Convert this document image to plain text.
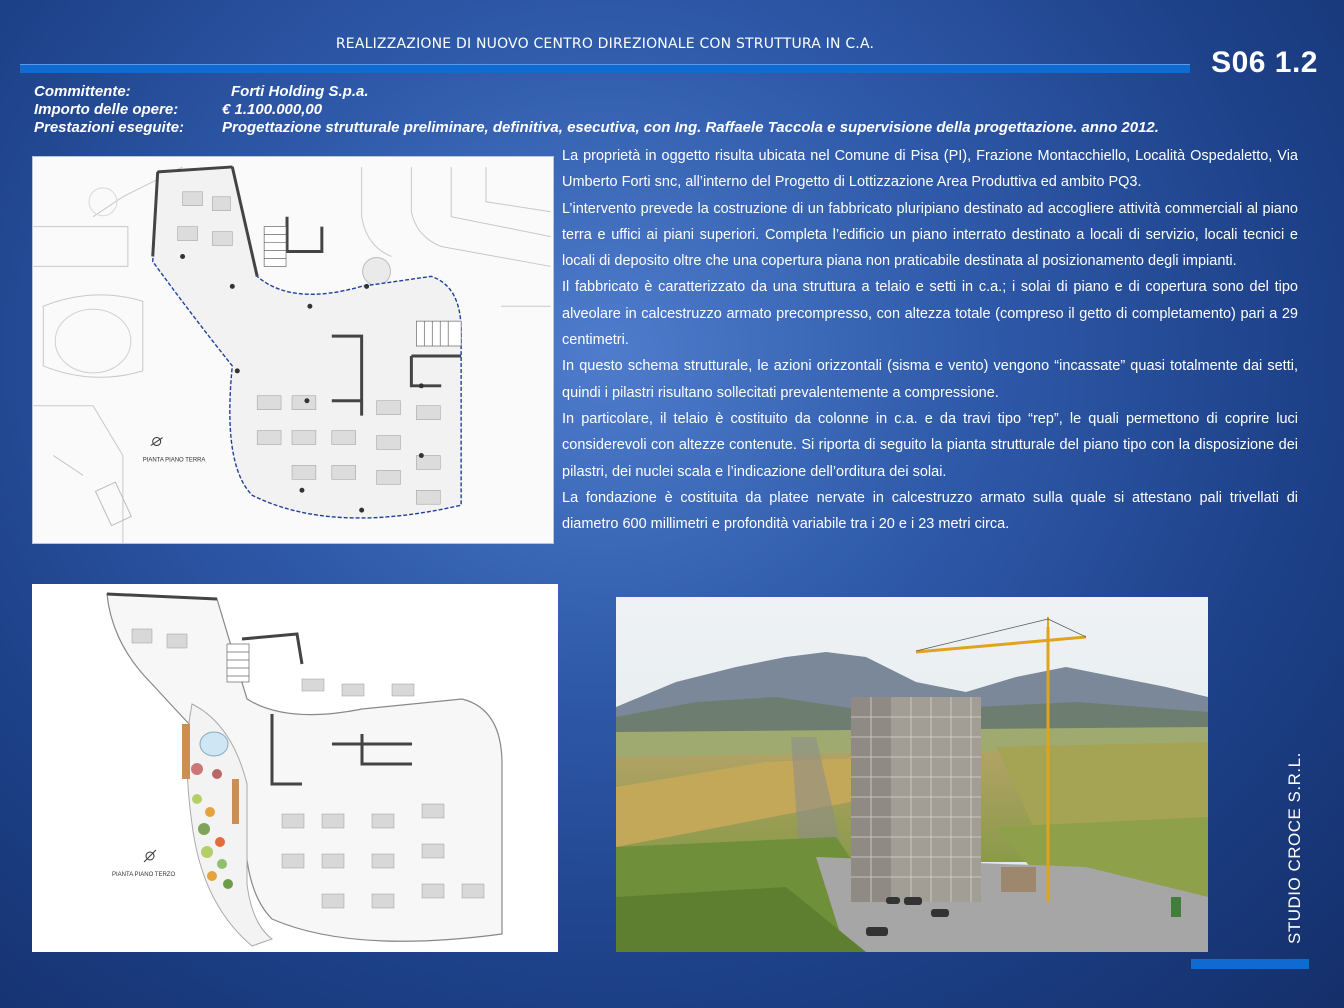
REALIZZAZIONE DI NUOVO CENTRO DIREZIONALE CON STRUTTURA IN C.A.
S06 1.2
Committente:	Forti Holding S.p.a.
Importo delle opere:	€ 1.100.000,00
Prestazioni eseguite:	Progettazione strutturale preliminare, definitiva, esecutiva, con Ing. Raffaele Taccola e supervisione della progettazione. anno 2012.

La proprietà in oggetto risulta ubicata nel Comune di Pisa (PI), Frazione Montacchiello, Località Ospedaletto, Via Umberto Forti snc, all’interno del Progetto di Lottizzazione Area Produttiva ed ambito PQ3.

L’intervento prevede la costruzione di un fabbricato pluripiano destinato ad accogliere attività commerciali al piano terra e uffici ai piani superiori. Completa l’edificio un piano interrato destinato a locali di servizio, locali tecnici e locali di deposito oltre che una copertura piana non praticabile destinata al posizionamento degli impianti.

Il fabbricato è caratterizzato da una struttura a telaio e setti in c.a.; i solai di piano e di copertura sono del tipo alveolare in calcestruzzo armato precompresso, con altezza totale (compreso il getto di completamento) pari a 29 centimetri.

In questo schema strutturale, le azioni orizzontali (sisma e vento) vengono “incassate” quasi totalmente dai setti, quindi i pilastri risultano sollecitati prevalentemente a compressione.

In particolare, il telaio è costituito da colonne in c.a. e da travi tipo “rep”, le quali permettono di coprire luci considerevoli con altezze contenute. Si riporta di seguito la pianta strutturale del piano tipo con la disposizione dei pilastri, dei nuclei scala e l’indicazione dell’orditura dei solai.

La fondazione è costituita da platee nervate in calcestruzzo armato sulla quale si attestano pali trivellati di diametro 600 millimetri e profondità variabile tra i 20 e i 23 metri circa.

PIANTA PIANO TERRA
PIANTA PIANO TERZO	STUDIO CROCE S.R.L.
